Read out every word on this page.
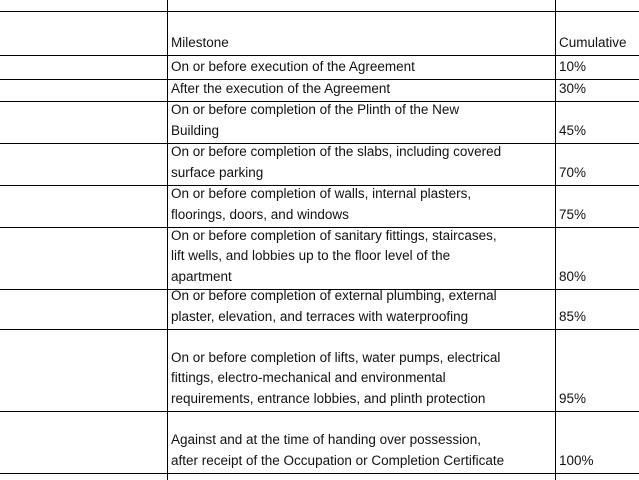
Milestone	Cumulative
On or before execution of the Agreement	10%
After the execution of the Agreement	30%
On or before completion of the Plinth of the New
Building	45%
On or before completion of the slabs, including covered
surface parking	70%
On or before completion of walls, internal plasters,
floorings, doors, and windows	75%
On or before completion of sanitary fittings, staircases,
lift wells, and lobbies up to the floor level of the
apartment	80%
On or before completion of external plumbing, external
plaster, elevation, and terraces with waterproofing	85%
On or before completion of lifts, water pumps, electrical
fittings, electro-mechanical and environmental
requirements, entrance lobbies, and plinth protection	95%
Against and at the time of handing over possession,
after receipt of the Occupation or Completion Certificate	100%
